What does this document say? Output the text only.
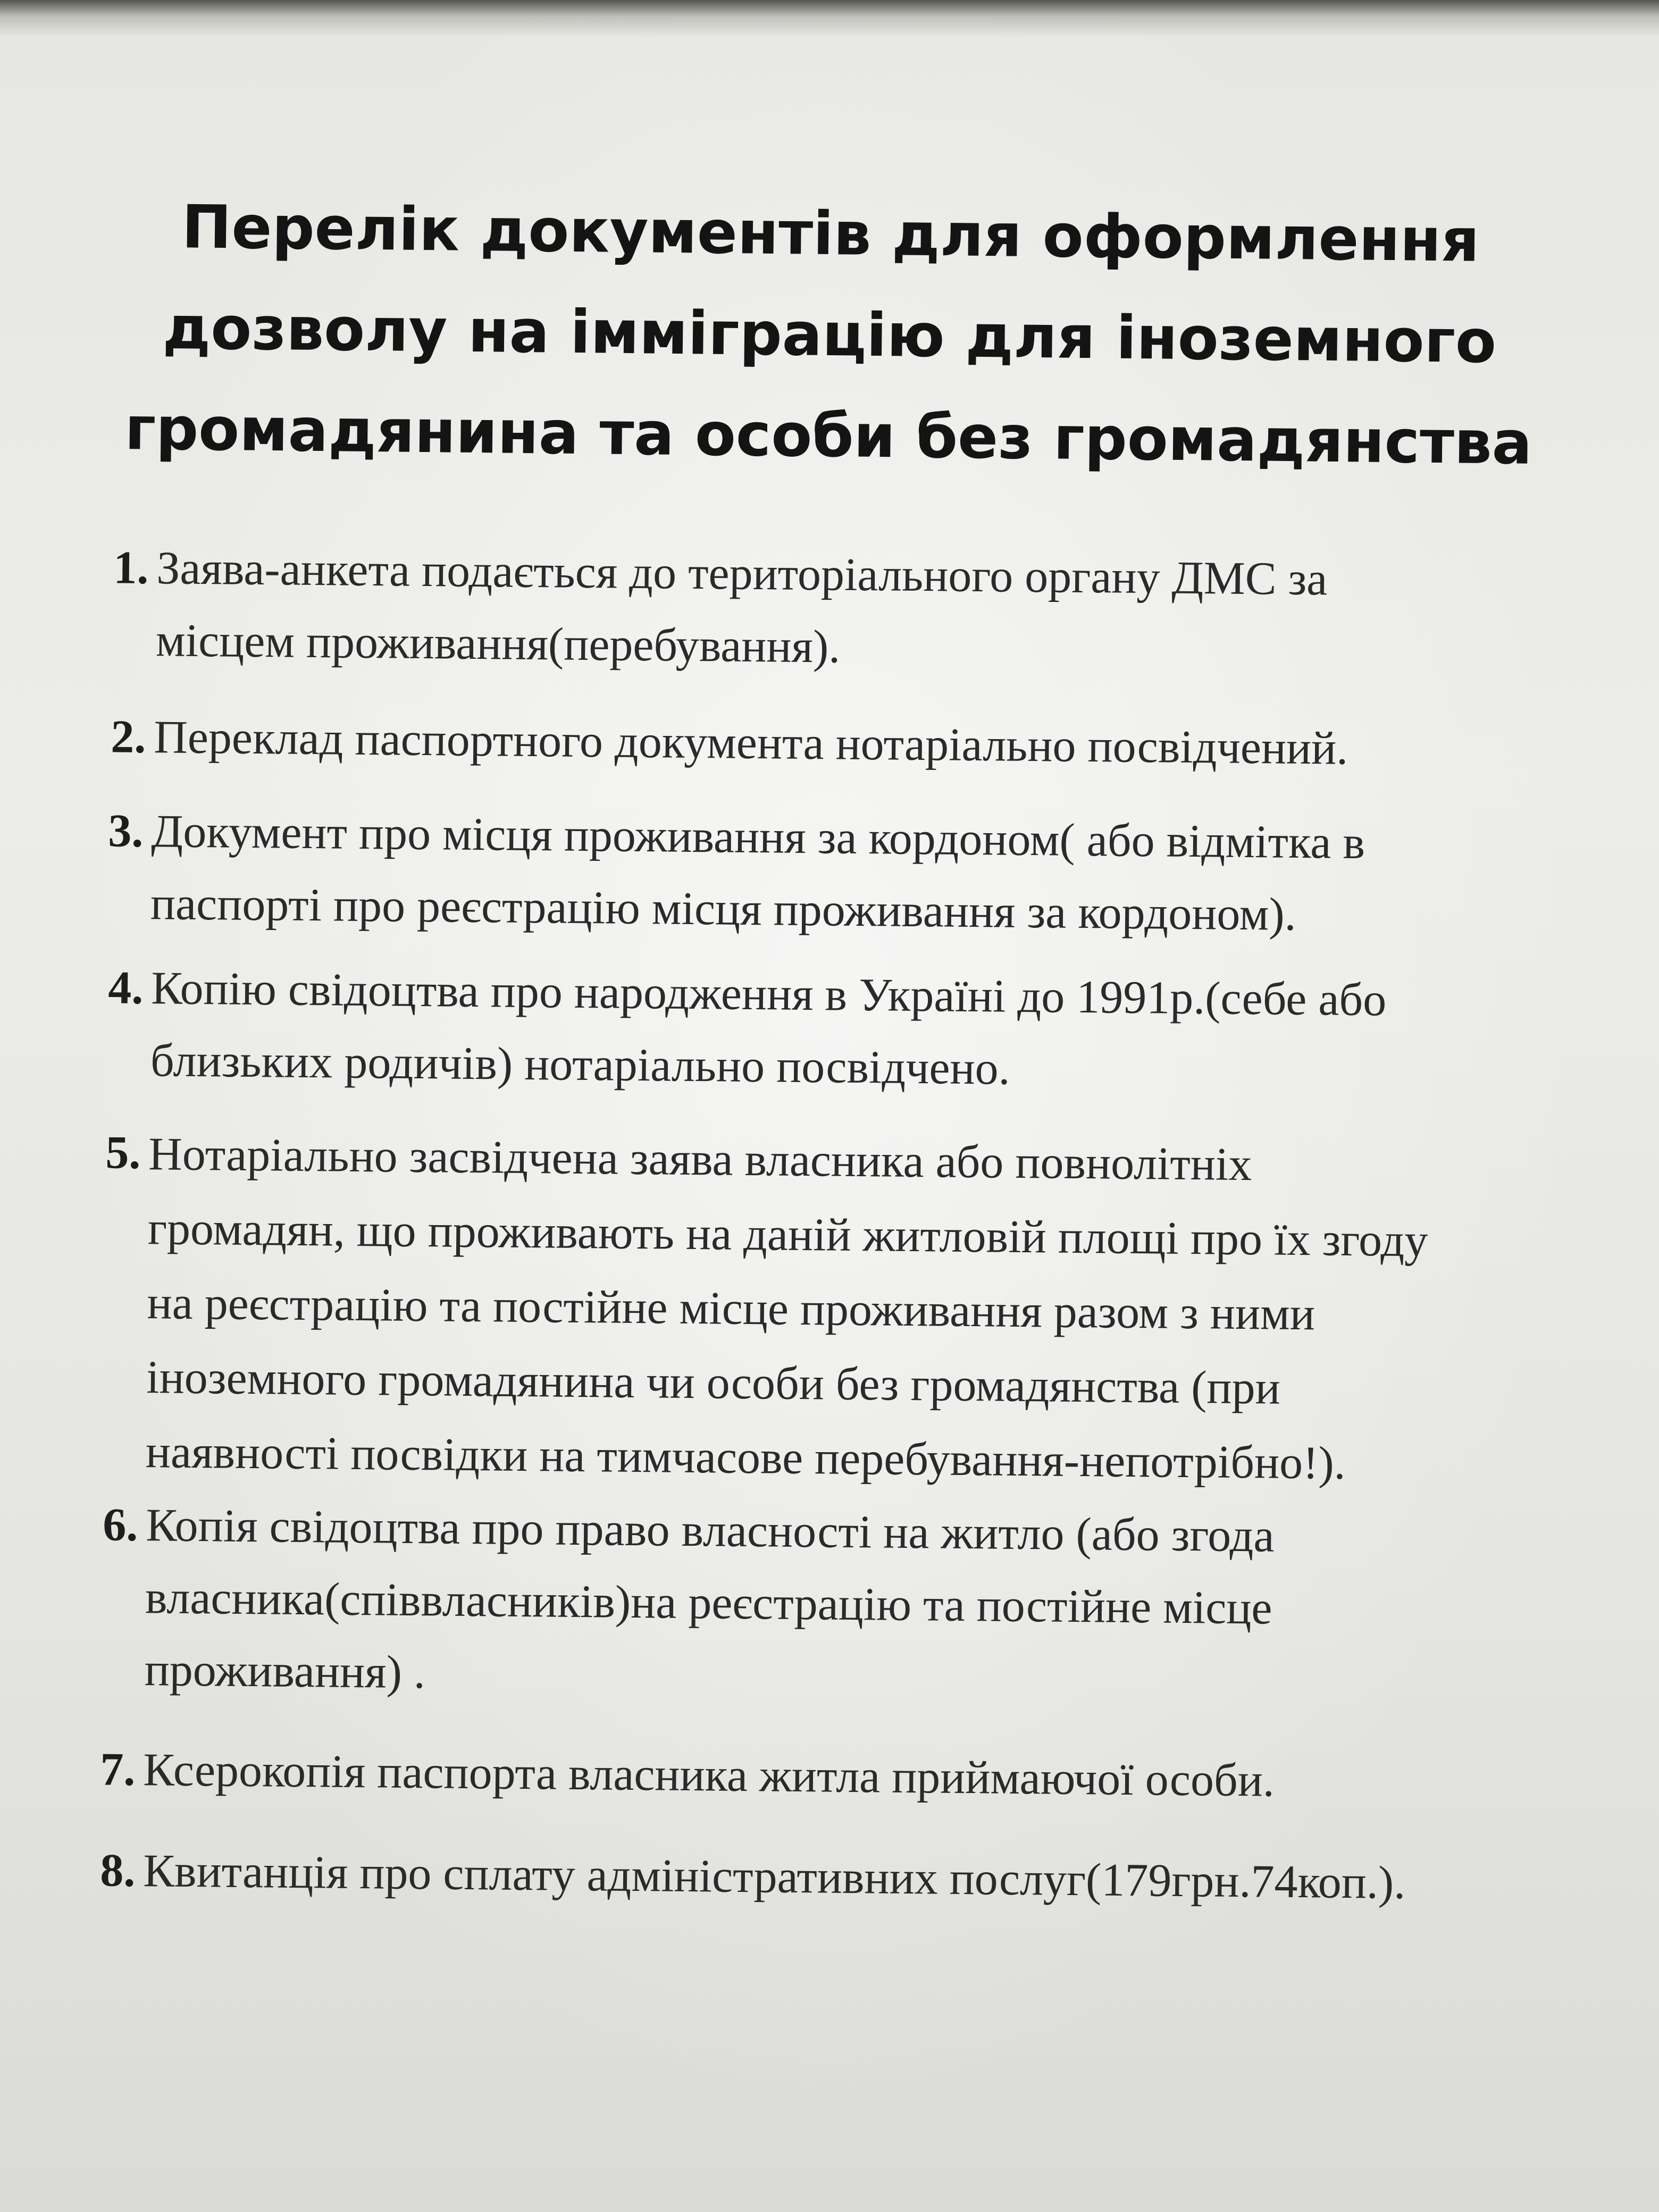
Перелік документів для оформлення
дозволу на імміграцію для іноземного
громадянина та особи без громадянства
1. Заява-анкета подається до територіального органу ДМС за
місцем проживання(перебування).
2. Переклад паспортного документа нотаріально посвідчений.
3. Документ про місця проживання за кордоном( або відмітка в
паспорті про реєстрацію місця проживання за кордоном).
4. Копію свідоцтва про народження в Україні до 1991р.(себе або
близьких родичів) нотаріально посвідчено.
5. Нотаріально засвідчена заява власника або повнолітніх
громадян, що проживають на даній житловій площі про їх згоду
на реєстрацію та постійне місце проживання разом з ними
іноземного громадянина чи особи без громадянства (при
наявності посвідки на тимчасове перебування-непотрібно!).
6. Копія свідоцтва про право власності на житло (або згода
власника(співвласників)на реєстрацію та постійне місце
проживання) .
7. Ксерокопія паспорта власника житла приймаючої особи.
8. Квитанція про сплату адміністративних послуг(179грн.74коп.).
